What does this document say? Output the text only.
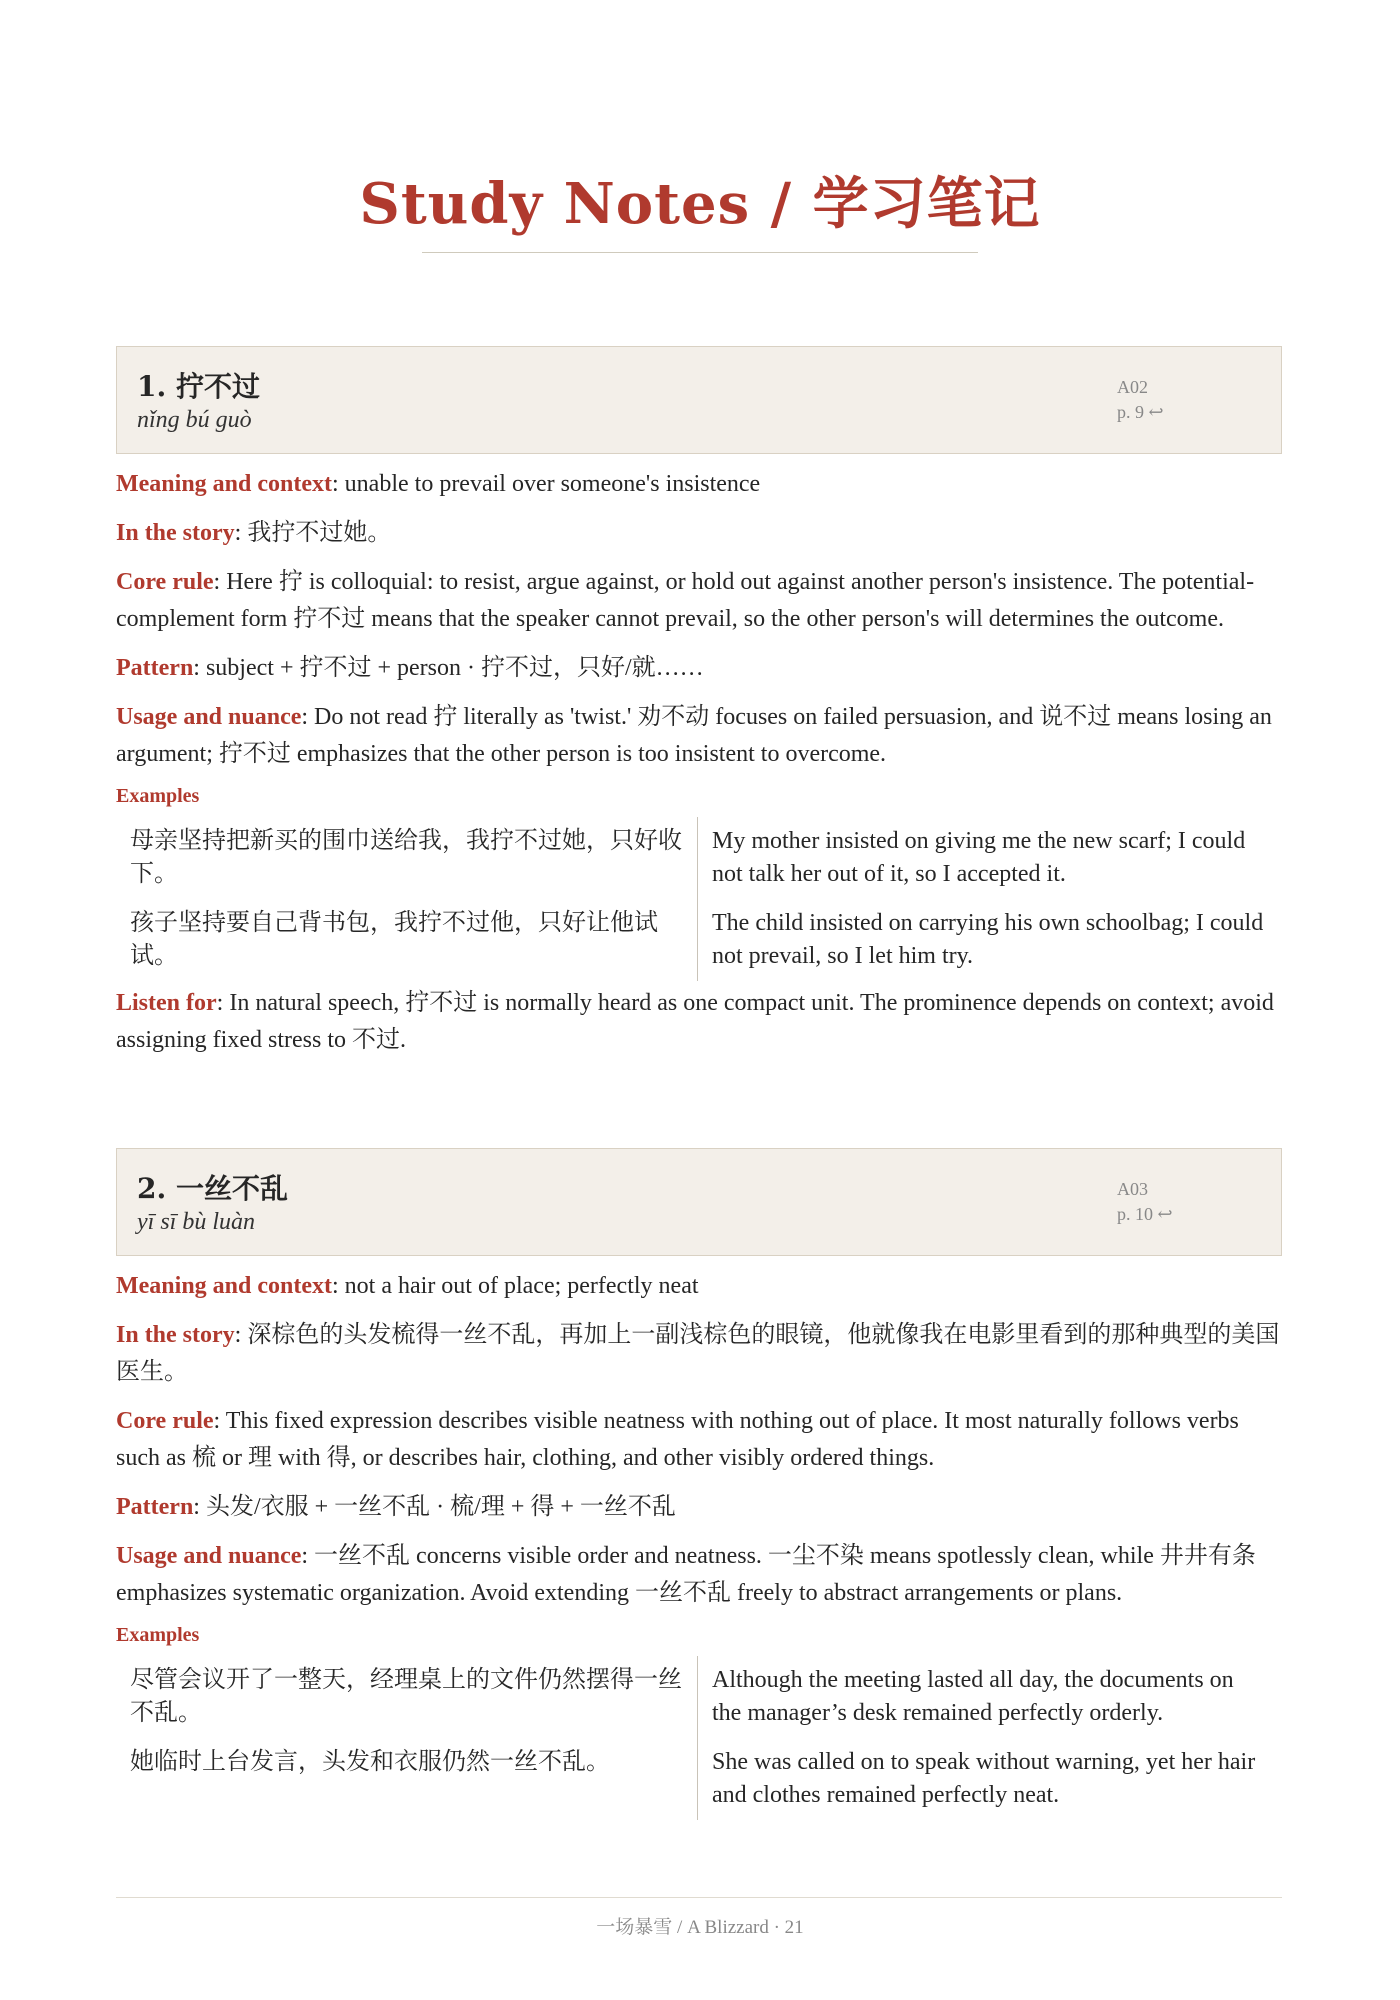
Study Notes / 学习笔记
1. 拧不过
nǐng bú guò
A02
p. 9 ↩
Meaning and context: unable to prevail over someone's insistence
In the story: 我拧不过她。
Core rule: Here 拧 is colloquial: to resist, argue against, or hold out against another person's insistence. The potential-complement form 拧不过 means that the speaker cannot prevail, so the other person's will determines the outcome.
Pattern: subject + 拧不过 + person · 拧不过，只好/就……
Usage and nuance: Do not read 拧 literally as 'twist.' 劝不动 focuses on failed persuasion, and 说不过 means losing an argument; 拧不过 emphasizes that the other person is too insistent to overcome.
Examples
母亲坚持把新买的围巾送给我，我拧不过她，只好收下。	My mother insisted on giving me the new scarf; I could not talk her out of it, so I accepted it.
孩子坚持要自己背书包，我拧不过他，只好让他试试。	The child insisted on carrying his own schoolbag; I could not prevail, so I let him try.
Listen for: In natural speech, 拧不过 is normally heard as one compact unit. The prominence depends on context; avoid assigning fixed stress to 不过.
2. 一丝不乱
yī sī bù luàn
A03
p. 10 ↩
Meaning and context: not a hair out of place; perfectly neat
In the story: 深棕色的头发梳得一丝不乱，再加上一副浅棕色的眼镜，他就像我在电影里看到的那种典型的美国医生。
Core rule: This fixed expression describes visible neatness with nothing out of place. It most naturally follows verbs such as 梳 or 理 with 得, or describes hair, clothing, and other visibly ordered things.
Pattern: 头发/衣服 + 一丝不乱 · 梳/理 + 得 + 一丝不乱
Usage and nuance: 一丝不乱 concerns visible order and neatness. 一尘不染 means spotlessly clean, while 井井有条 emphasizes systematic organization. Avoid extending 一丝不乱 freely to abstract arrangements or plans.
Examples
尽管会议开了一整天，经理桌上的文件仍然摆得一丝不乱。	Although the meeting lasted all day, the documents on the manager’s desk remained perfectly orderly.
她临时上台发言，头发和衣服仍然一丝不乱。	She was called on to speak without warning, yet her hair and clothes remained perfectly neat.
一场暴雪 / A Blizzard · 21
